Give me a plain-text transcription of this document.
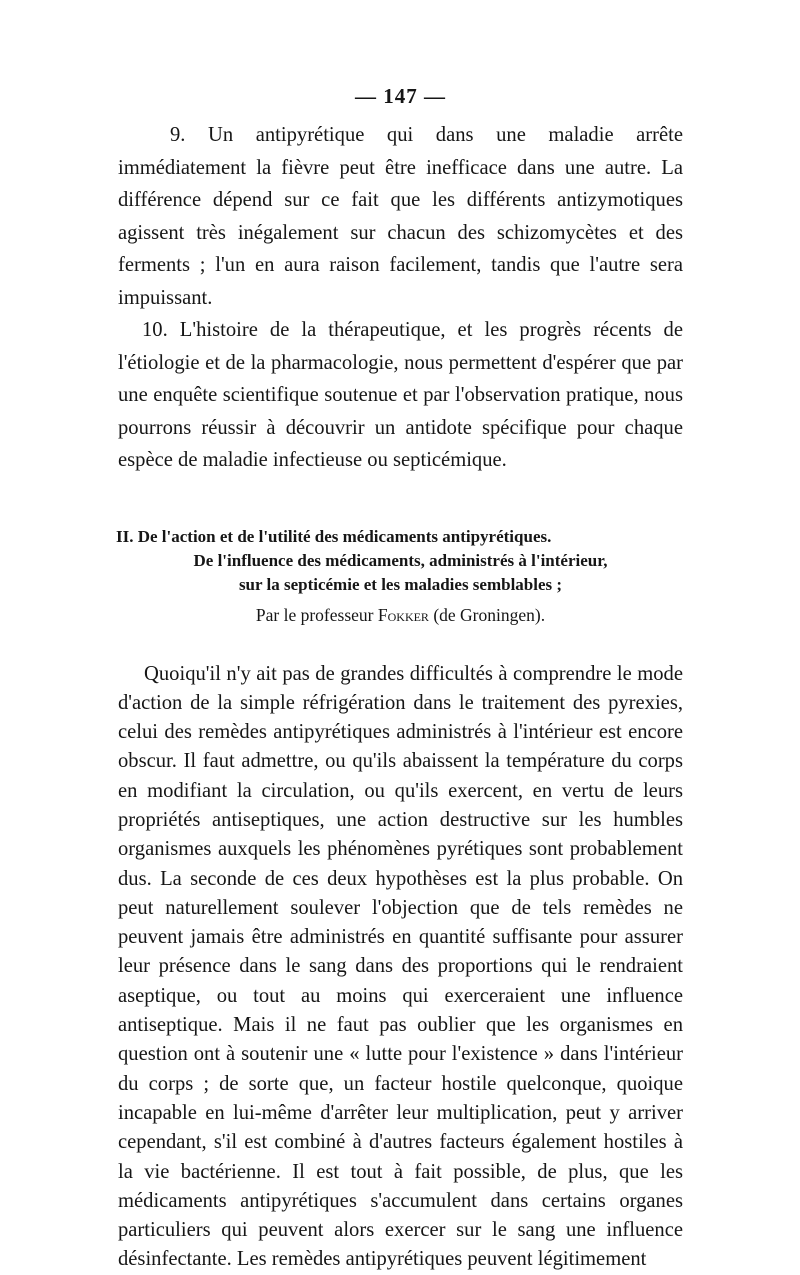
— 147 —

9. Un antipyrétique qui dans une maladie arrête immédiatement la fièvre peut être inefficace dans une autre. La différence dépend sur ce fait que les différents antizymotiques agissent très inégalement sur chacun des schizomycètes et des ferments ; l'un en aura raison facilement, tandis que l'autre sera impuissant.

10. L'histoire de la thérapeutique, et les progrès récents de l'étiologie et de la pharmacologie, nous permettent d'espérer que par une enquête scientifique soutenue et par l'observation pratique, nous pourrons réussir à découvrir un antidote spécifique pour chaque espèce de maladie infectieuse ou septicémique.

II. De l'action et de l'utilité des médicaments antipyrétiques.
De l'influence des médicaments, administrés à l'intérieur,
sur la septicémie et les maladies semblables ;
Par le professeur Fokker (de Groningen).

Quoiqu'il n'y ait pas de grandes difficultés à comprendre le mode d'action de la simple réfrigération dans le traitement des pyrexies, celui des remèdes antipyrétiques administrés à l'intérieur est encore obscur. Il faut admettre, ou qu'ils abaissent la température du corps en modifiant la circulation, ou qu'ils exercent, en vertu de leurs propriétés antiseptiques, une action destructive sur les humbles organismes auxquels les phénomènes pyrétiques sont probablement dus. La seconde de ces deux hypothèses est la plus probable. On peut naturellement soulever l'objection que de tels remèdes ne peuvent jamais être administrés en quantité suffisante pour assurer leur présence dans le sang dans des proportions qui le rendraient aseptique, ou tout au moins qui exerceraient une influence antiseptique. Mais il ne faut pas oublier que les organismes en question ont à soutenir une « lutte pour l'existence » dans l'intérieur du corps ; de sorte que, un facteur hostile quelconque, quoique incapable en lui-même d'arrêter leur multiplication, peut y arriver cependant, s'il est combiné à d'autres facteurs également hostiles à la vie bactérienne. Il est tout à fait possible, de plus, que les médicaments antipyrétiques s'accumulent dans certains organes particuliers qui peuvent alors exercer sur le sang une influence désinfectante. Les remèdes antipyrétiques peuvent légitimement
